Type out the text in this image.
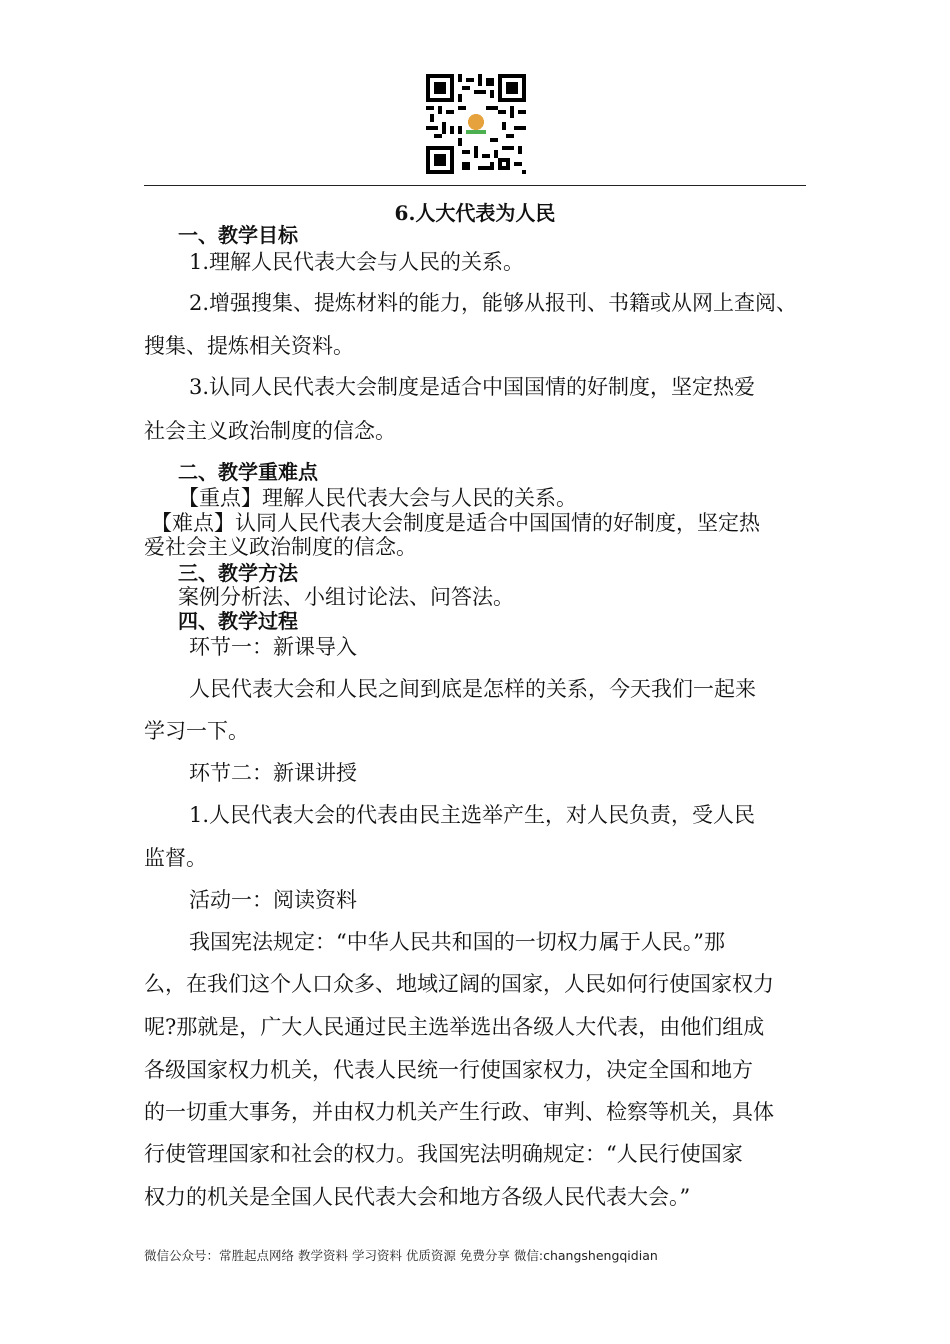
6.人大代表为人民
一、教学目标
1.理解人民代表大会与人民的关系。
2.增强搜集、提炼材料的能力，能够从报刊、书籍或从网上查阅、
搜集、提炼相关资料。
3.认同人民代表大会制度是适合中国国情的好制度，坚定热爱
社会主义政治制度的信念。
二、教学重难点
【重点】理解人民代表大会与人民的关系。
【难点】认同人民代表大会制度是适合中国国情的好制度，坚定热
爱社会主义政治制度的信念。
三、教学方法
案例分析法、小组讨论法、问答法。
四、教学过程
环节一：新课导入
人民代表大会和人民之间到底是怎样的关系，今天我们一起来
学习一下。
环节二：新课讲授
1.人民代表大会的代表由民主选举产生，对人民负责，受人民
监督。
活动一：阅读资料
我国宪法规定：“中华人民共和国的一切权力属于人民。”那
么，在我们这个人口众多、地域辽阔的国家，人民如何行使国家权力
呢?那就是，广大人民通过民主选举选出各级人大代表，由他们组成
各级国家权力机关，代表人民统一行使国家权力，决定全国和地方
的一切重大事务，并由权力机关产生行政、审判、检察等机关，具体
行使管理国家和社会的权力。我国宪法明确规定：“人民行使国家
权力的机关是全国人民代表大会和地方各级人民代表大会。”
微信公众号：常胜起点网络 教学资料 学习资料 优质资源 免费分享 微信:changshengqidian
